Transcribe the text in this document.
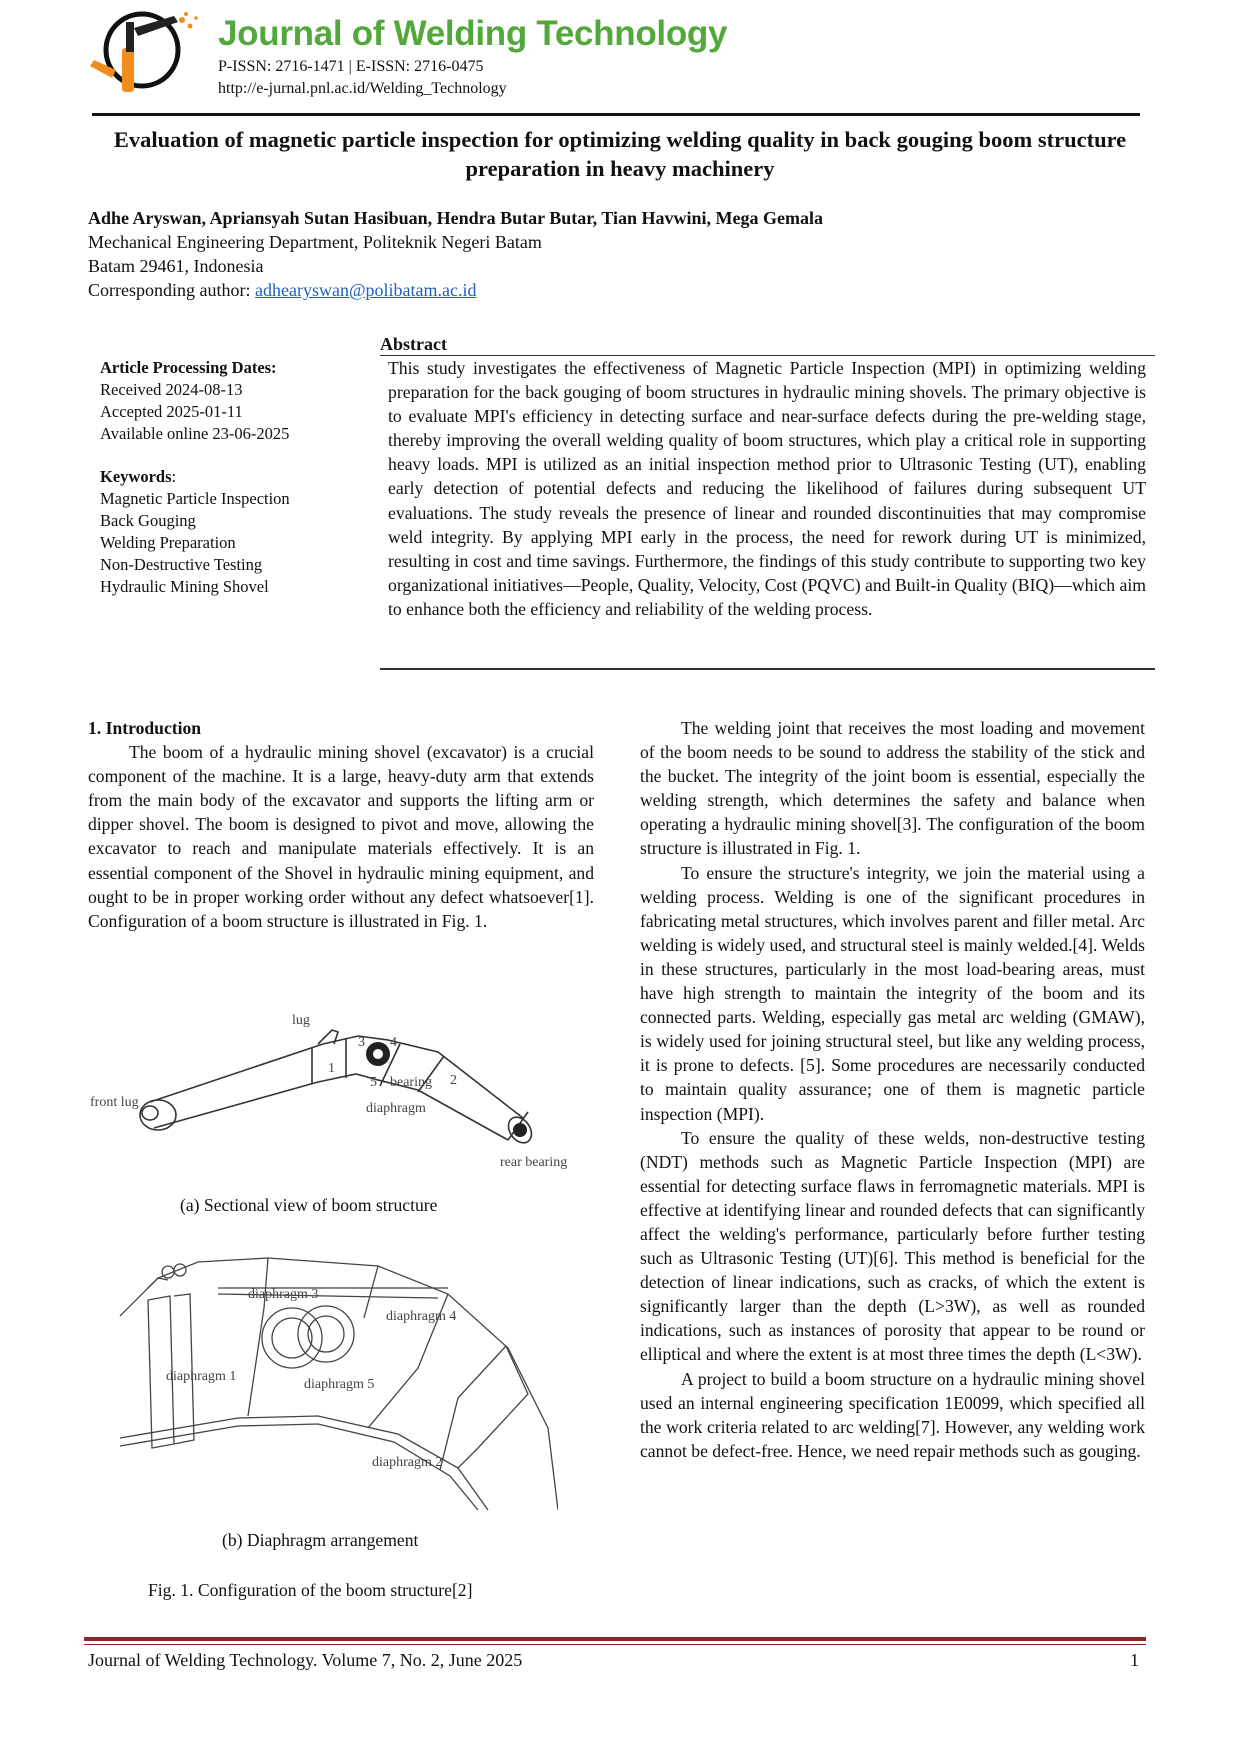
Journal of Welding Technology
P-ISSN: 2716-1471 | E-ISSN: 2716-0475
http://e-jurnal.pnl.ac.id/Welding_Technology
Evaluation of magnetic particle inspection for optimizing welding quality in back gouging boom structure preparation in heavy machinery
Adhe Aryswan, Apriansyah Sutan Hasibuan, Hendra Butar Butar, Tian Havwini, Mega Gemala
Mechanical Engineering Department, Politeknik Negeri Batam
Batam 29461, Indonesia
Corresponding author: adhearyswan@polibatam.ac.id
Article Processing Dates:
Received 2024-08-13
Accepted 2025-01-11
Available online 23-06-2025
Keywords:
Magnetic Particle Inspection
Back Gouging
Welding Preparation
Non-Destructive Testing
Hydraulic Mining Shovel
Abstract
This study investigates the effectiveness of Magnetic Particle Inspection (MPI) in optimizing welding preparation for the back gouging of boom structures in hydraulic mining shovels. The primary objective is to evaluate MPI's efficiency in detecting surface and near-surface defects during the pre-welding stage, thereby improving the overall welding quality of boom structures, which play a critical role in supporting heavy loads. MPI is utilized as an initial inspection method prior to Ultrasonic Testing (UT), enabling early detection of potential defects and reducing the likelihood of failures during subsequent UT evaluations. The study reveals the presence of linear and rounded discontinuities that may compromise weld integrity. By applying MPI early in the process, the need for rework during UT is minimized, resulting in cost and time savings. Furthermore, the findings of this study contribute to supporting two key organizational initiatives—People, Quality, Velocity, Cost (PQVC) and Built-in Quality (BIQ)—which aim to enhance both the efficiency and reliability of the welding process.

1. Introduction

The boom of a hydraulic mining shovel (excavator) is a crucial component of the machine. It is a large, heavy-duty arm that extends from the main body of the excavator and supports the lifting arm or dipper shovel. The boom is designed to pivot and move, allowing the excavator to reach and manipulate materials effectively. It is an essential component of the Shovel in hydraulic mining equipment, and ought to be in proper working order without any defect whatsoever[1]. Configuration of a boom structure is illustrated in Fig. 1.

lug
front lug
bearing
diaphragm
rear bearing
1
2
3 4
5
(a) Sectional view of boom structure
diaphragm 1
diaphragm 2
diaphragm 3
diaphragm 4
diaphragm 5
(b) Diaphragm arrangement
Fig. 1. Configuration of the boom structure[2]

The welding joint that receives the most loading and movement of the boom needs to be sound to address the stability of the stick and the bucket. The integrity of the joint boom is essential, especially the welding strength, which determines the safety and balance when operating a hydraulic mining shovel[3]. The configuration of the boom structure is illustrated in Fig. 1.

To ensure the structure's integrity, we join the material using a welding process. Welding is one of the significant procedures in fabricating metal structures, which involves parent and filler metal. Arc welding is widely used, and structural steel is mainly welded.[4]. Welds in these structures, particularly in the most load-bearing areas, must have high strength to maintain the integrity of the boom and its connected parts. Welding, especially gas metal arc welding (GMAW), is widely used for joining structural steel, but like any welding process, it is prone to defects. [5]. Some procedures are necessarily conducted to maintain quality assurance; one of them is magnetic particle inspection (MPI).

To ensure the quality of these welds, non-destructive testing (NDT) methods such as Magnetic Particle Inspection (MPI) are essential for detecting surface flaws in ferromagnetic materials. MPI is effective at identifying linear and rounded defects that can significantly affect the welding's performance, particularly before further testing such as Ultrasonic Testing (UT)[6]. This method is beneficial for the detection of linear indications, such as cracks, of which the extent is significantly larger than the depth (L>3W), as well as rounded indications, such as instances of porosity that appear to be round or elliptical and where the extent is at most three times the depth (L<3W).

A project to build a boom structure on a hydraulic mining shovel used an internal engineering specification 1E0099, which specified all the work criteria related to arc welding[7]. However, any welding work cannot be defect-free. Hence, we need repair methods such as gouging.

Journal of Welding Technology. Volume 7, No. 2, June 2025	1
